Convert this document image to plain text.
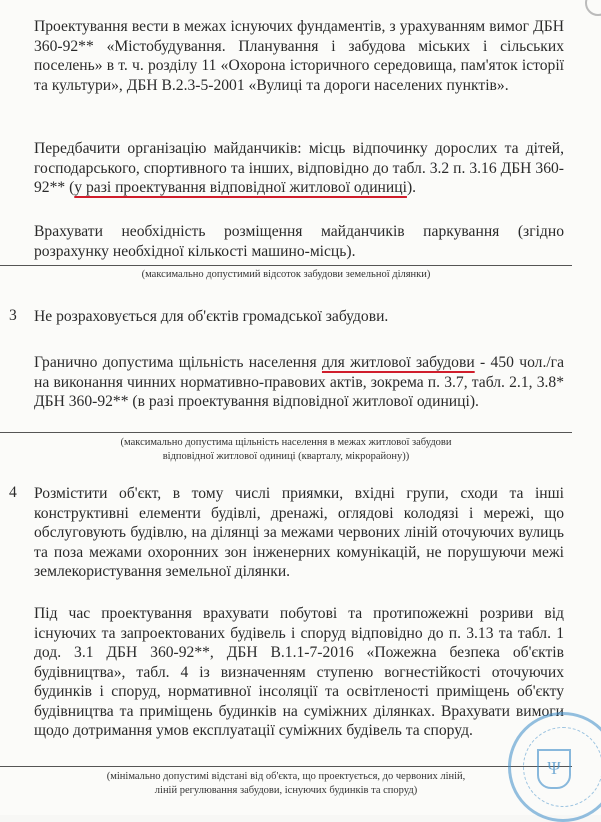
Проектування вести в межах існуючих фундаментів, з урахуванням вимог ДБН 360-92** «Містобудування. Планування і забудова міських і сільських поселень» в т. ч. розділу 11 «Охорона історичного середовища, пам'яток історії та культури», ДБН В.2.3-5-2001 «Вулиці та дороги населених пунктів».
Передбачити організацію майданчиків: місць відпочинку дорослих та дітей, господарського, спортивного та інших, відповідно до табл. 3.2 п. 3.16 ДБН 360-92** (у разі проектування відповідної житлової одиниці).
Врахувати необхідність розміщення майданчиків паркування (згідно розрахунку необхідної кількості машино-місць).
(максимально допустимий відсоток забудови земельної ділянки)
3 Не розраховується для об'єктів громадської забудови.
Гранично допустима щільність населення для житлової забудови - 450 чол./га на виконання чинних нормативно-правових актів, зокрема п. 3.7, табл. 2.1, 3.8* ДБН 360-92** (в разі проектування відповідної житлової одиниці).
(максимально допустима щільність населення в межах житлової забудови
відповідної житлової одиниці (кварталу, мікрорайону))
4 Розмістити об'єкт, в тому числі приямки, вхідні групи, сходи та інші конструктивні елементи будівлі, дренажі, оглядові колодязі і мережі, що обслуговують будівлю, на ділянці за межами червоних ліній оточуючих вулиць та поза межами охоронних зон інженерних комунікацій, не порушуючи межі землекористування земельної ділянки.
Під час проектування врахувати побутові та протипожежні розриви від існуючих та запроектованих будівель і споруд відповідно до п. 3.13 та табл. 1 дод. 3.1 ДБН 360-92**, ДБН В.1.1-7-2016 «Пожежна безпека об'єктів будівництва», табл. 4 із визначенням ступеню вогнестійкості оточуючих будинків і споруд, нормативної інсоляції та освітленості приміщень об'єкту будівництва та приміщень будинків на суміжних ділянках. Врахувати вимоги щодо дотримання умов експлуатації суміжних будівель та споруд.
(мінімально допустимі відстані від об'єкта, що проектується, до червоних ліній,
ліній регулювання забудови, існуючих будинків та споруд)
Ψ
